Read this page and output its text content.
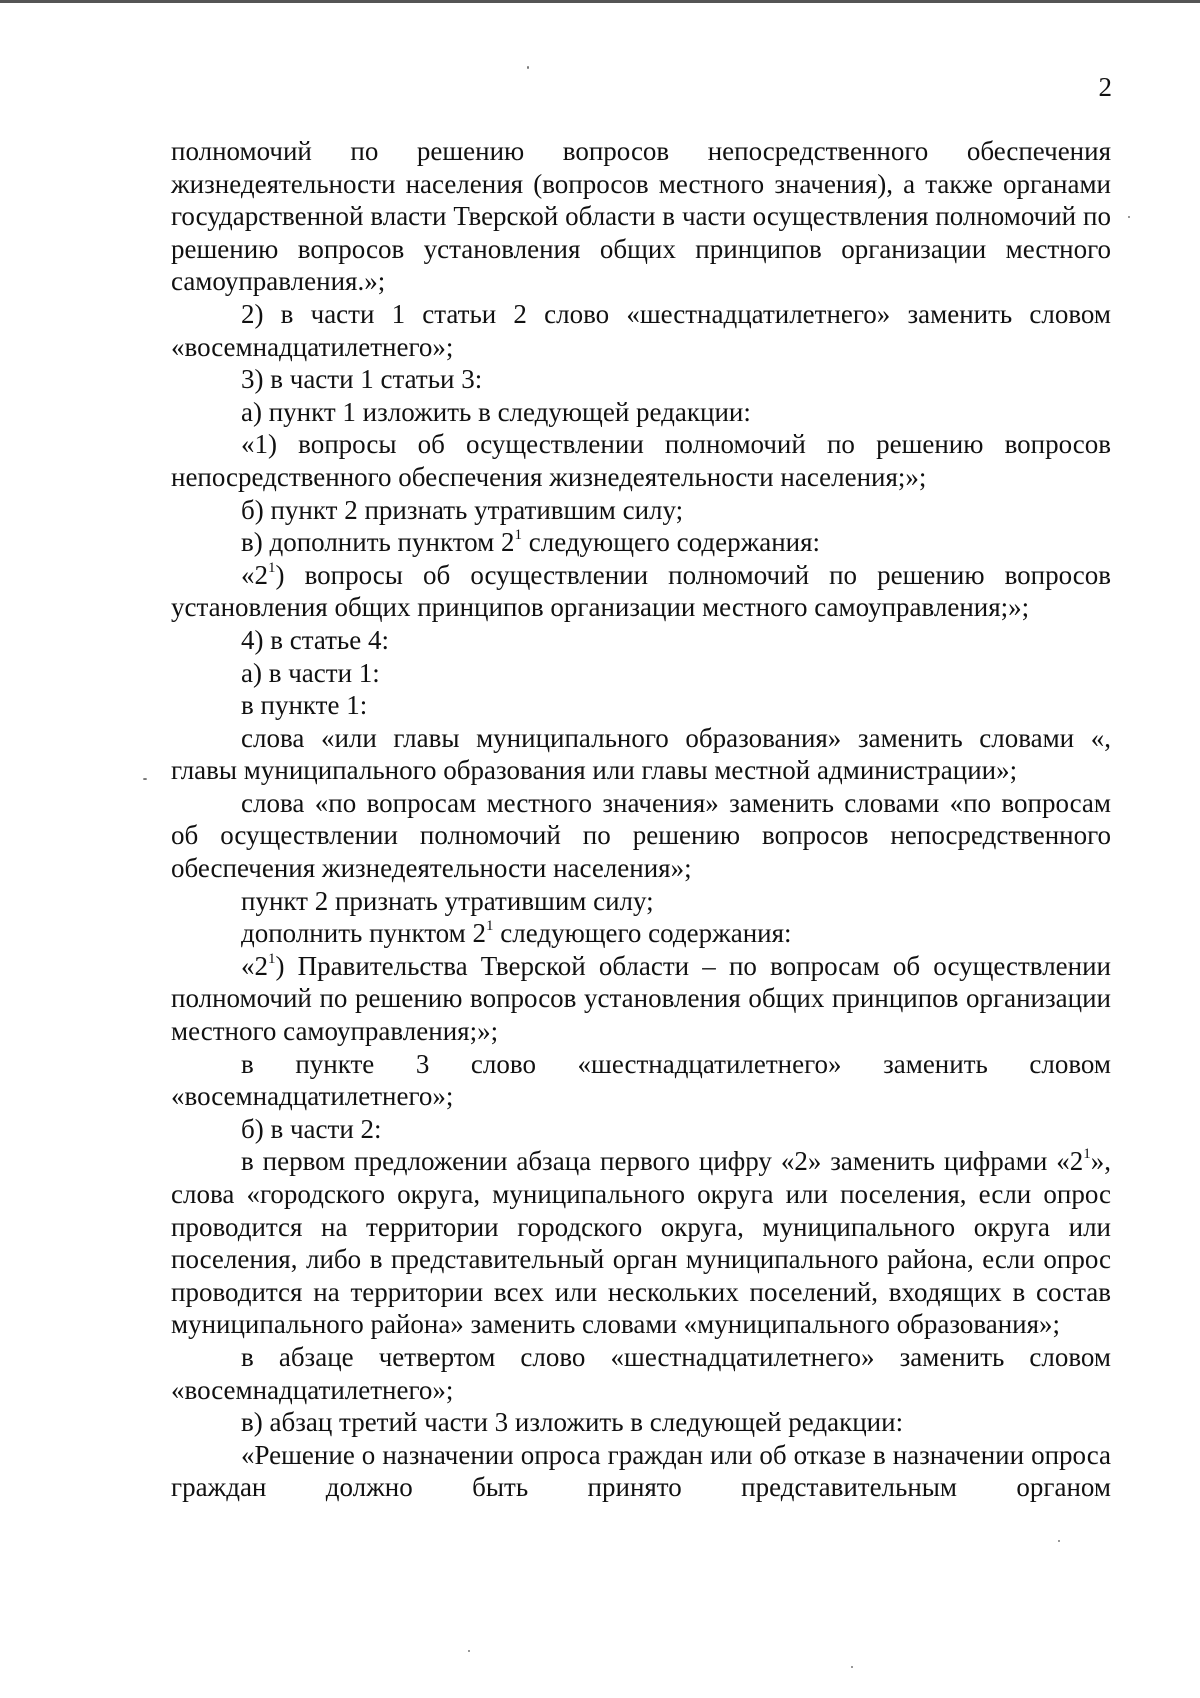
2

полномочий по решению вопросов непосредственного обеспечения жизнедеятельности населения (вопросов местного значения), а также органами государственной власти Тверской области в части осуществления полномочий по решению вопросов установления общих принципов организации местного самоуправления.»;

2) в части 1 статьи 2 слово «шестнадцатилетнего» заменить словом «восемнадцатилетнего»;

3) в части 1 статьи 3:

а) пункт 1 изложить в следующей редакции:

«1) вопросы об осуществлении полномочий по решению вопросов непосредственного обеспечения жизнедеятельности населения;»;

б) пункт 2 признать утратившим силу;

в) дополнить пунктом $2^1$ следующего содержания:

«$2^1$) вопросы об осуществлении полномочий по решению вопросов установления общих принципов организации местного самоуправления;»;

4) в статье 4:

а) в части 1:

в пункте 1:

слова «или главы муниципального образования» заменить словами «, главы муниципального образования или главы местной администрации»;

слова «по вопросам местного значения» заменить словами «по вопросам об осуществлении полномочий по решению вопросов непосредственного обеспечения жизнедеятельности населения»;

пункт 2 признать утратившим силу;

дополнить пунктом $2^1$ следующего содержания:

«$2^1$) Правительства Тверской области – по вопросам об осуществлении полномочий по решению вопросов установления общих принципов организации местного самоуправления;»;

в пункте 3 слово «шестнадцатилетнего» заменить словом «восемнадцатилетнего»;

б) в части 2:

в первом предложении абзаца первого цифру «2» заменить цифрами «$2^1$», слова «городского округа, муниципального округа или поселения, если опрос проводится на территории городского округа, муниципального округа или поселения, либо в представительный орган муниципального района, если опрос проводится на территории всех или нескольких поселений, входящих в состав муниципального района» заменить словами «муниципального образования»;

в абзаце четвертом слово «шестнадцатилетнего» заменить словом «восемнадцатилетнего»;

в) абзац третий части 3 изложить в следующей редакции:

«Решение о назначении опроса граждан или об отказе в назначении опроса граждан должно быть принято представительным органом
